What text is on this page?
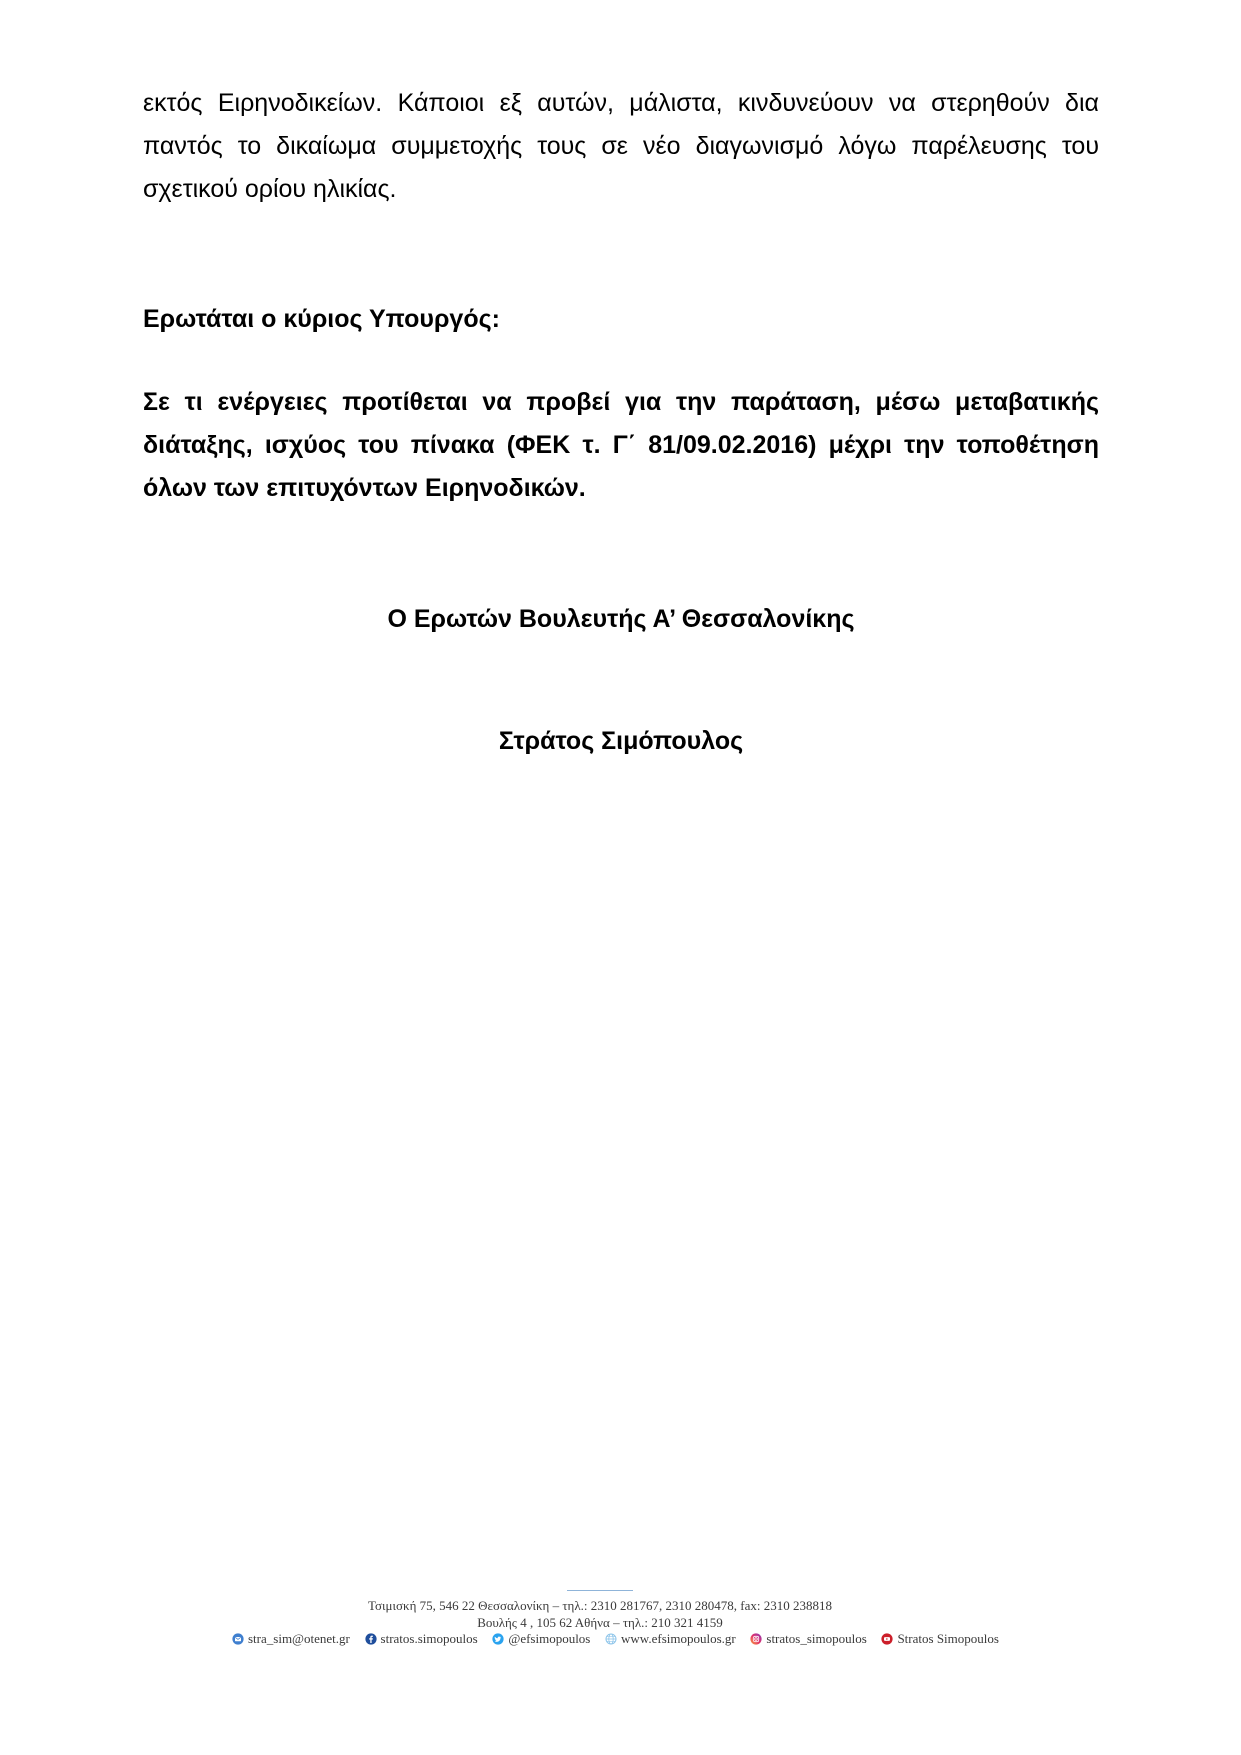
εκτός Ειρηνοδικείων. Κάποιοι εξ αυτών, μάλιστα, κινδυνεύουν να στερηθούν δια
παντός το δικαίωμα συμμετοχής τους σε νέο διαγωνισμό λόγω παρέλευσης του
σχετικού ορίου ηλικίας.
Ερωτάται ο κύριος Υπουργός:
Σε τι ενέργειες προτίθεται να προβεί για την παράταση, μέσω μεταβατικής
διάταξης, ισχύος του πίνακα (ΦΕΚ τ. Γ΄ 81/09.02.2016) μέχρι την τοποθέτηση
όλων των επιτυχόντων Ειρηνοδικών.
Ο Ερωτών Βουλευτής Α’ Θεσσαλονίκης
Στράτος Σιμόπουλος
Τσιμισκή 75, 546 22 Θεσσαλονίκη – τηλ.: 2310 281767, 2310 280478, fax: 2310 238818
Βουλής 4 , 105 62 Αθήνα – τηλ.: 210 321 4159
stra_sim@otenet.gr stratos.simopoulos @efsimopoulos www.efsimopoulos.gr stratos_simopoulos Stratos Simopoulos
